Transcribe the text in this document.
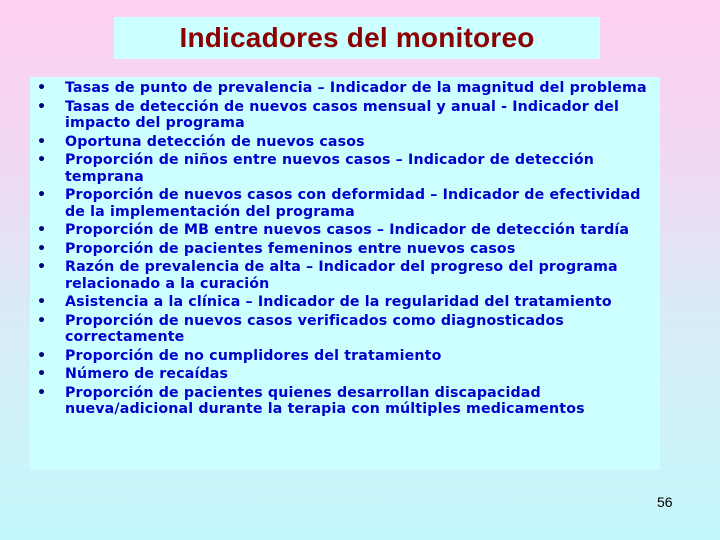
Indicadores del monitoreo
• Tasas de punto de prevalencia – Indicador de la magnitud del problema
• Tasas de detección de nuevos casos mensual y anual - Indicador del impacto del programa
• Oportuna detección de nuevos casos
• Proporción de niños entre nuevos casos – Indicador de detección temprana
• Proporción de nuevos casos con deformidad – Indicador de efectividad de la implementación del programa
• Proporción de MB entre nuevos casos – Indicador de detección tardía
• Proporción de pacientes femeninos entre nuevos casos
• Razón de prevalencia de alta – Indicador del progreso del programa relacionado a la curación
• Asistencia a la clínica – Indicador de la regularidad del tratamiento
• Proporción de nuevos casos verificados como diagnosticados correctamente
• Proporción de no cumplidores del tratamiento
• Número de recaídas
• Proporción de pacientes quienes desarrollan discapacidad nueva/adicional durante la terapia con múltiples medicamentos
56
